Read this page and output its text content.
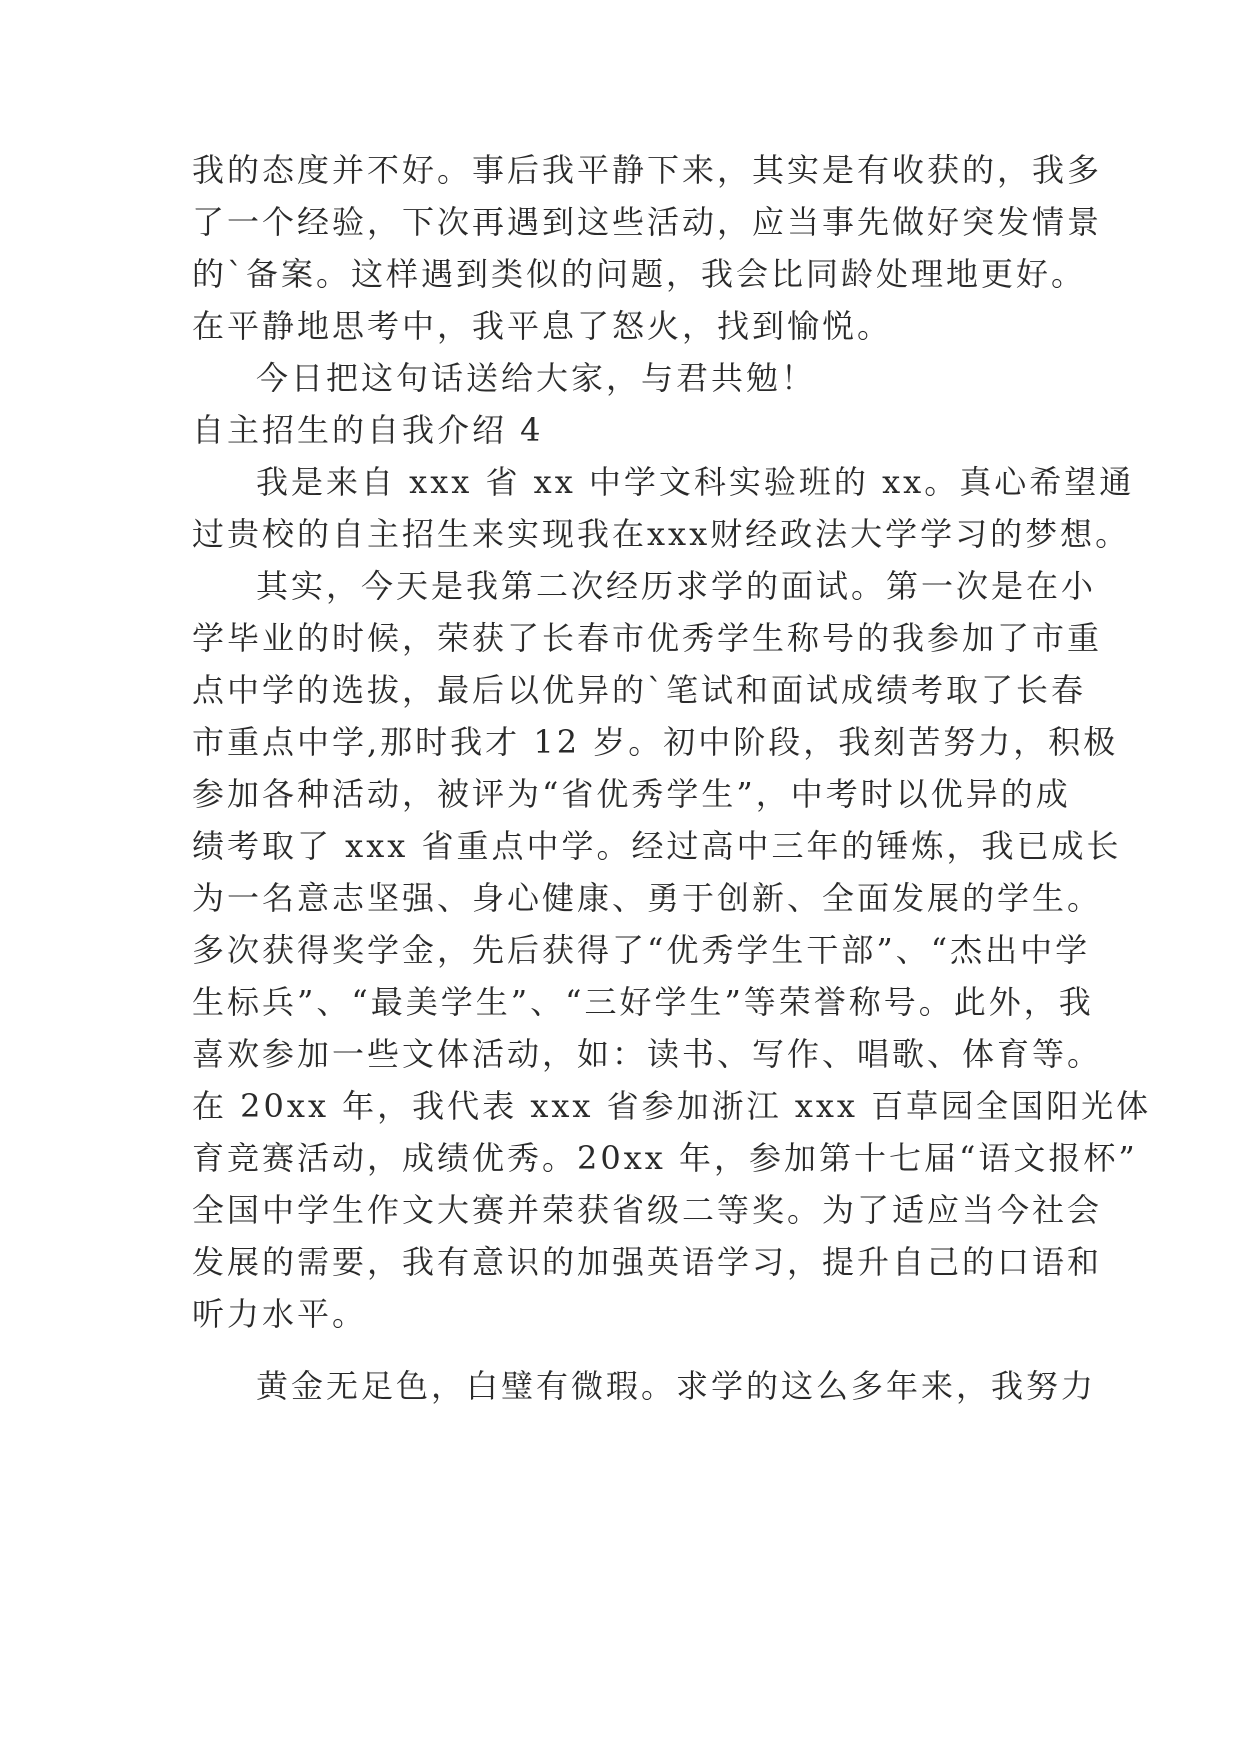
我的态度并不好。事后我平静下来，其实是有收获的，我多
了一个经验，下次再遇到这些活动，应当事先做好突发情景
的`备案。这样遇到类似的问题，我会比同龄处理地更好。
在平静地思考中，我平息了怒火，找到愉悦。
今日把这句话送给大家，与君共勉！
自主招生的自我介绍 4
我是来自 xxx 省 xx 中学文科实验班的 xx。真心希望通
过贵校的自主招生来实现我在xxx财经政法大学学习的梦想。
其实，今天是我第二次经历求学的面试。第一次是在小
学毕业的时候，荣获了长春市优秀学生称号的我参加了市重
点中学的选拔，最后以优异的`笔试和面试成绩考取了长春
市重点中学,那时我才 12 岁。初中阶段，我刻苦努力，积极
参加各种活动，被评为“省优秀学生”，中考时以优异的成
绩考取了 xxx 省重点中学。经过高中三年的锤炼，我已成长
为一名意志坚强、身心健康、勇于创新、全面发展的学生。
多次获得奖学金，先后获得了“优秀学生干部”、“杰出中学
生标兵”、“最美学生”、“三好学生”等荣誉称号。此外，我
喜欢参加一些文体活动，如：读书、写作、唱歌、体育等。
在 20xx 年，我代表 xxx 省参加浙江 xxx 百草园全国阳光体
育竞赛活动，成绩优秀。20xx 年，参加第十七届“语文报杯”
全国中学生作文大赛并荣获省级二等奖。为了适应当今社会
发展的需要，我有意识的加强英语学习，提升自己的口语和
听力水平。
黄金无足色，白璧有微瑕。求学的这么多年来，我努力
